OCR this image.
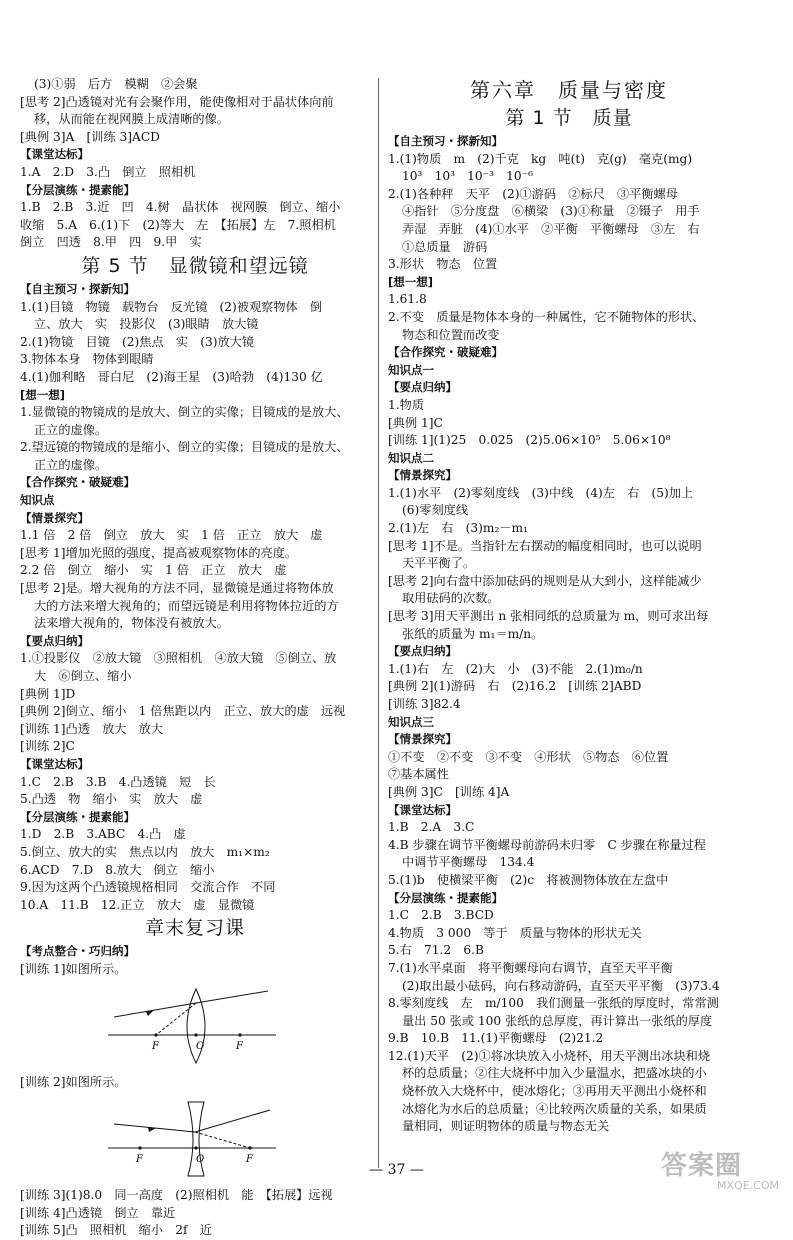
(3)①弱　后方　模糊　②会聚
[思考 2]凸透镜对光有会聚作用，能使像相对于晶状体向前
移，从而能在视网膜上成清晰的像。
[典例 3]A　[训练 3]ACD
【课堂达标】
1.A　2.D　3.凸　倒立　照相机
【分层演练・提素能】
1.B　2.B　3.近　凹　4.树　晶状体　视网膜　倒立、缩小
收缩　5.A　6.(1)下　(2)等大　左　【拓展】左　7.照相机
倒立　凹透　8.甲　四　9.甲　实
第 5 节　显微镜和望远镜
【自主预习・探新知】
1.(1)目镜　物镜　载物台　反光镜　(2)被观察物体　倒
立、放大　实　投影仪　(3)眼睛　放大镜
2.(1)物镜　目镜　(2)焦点　实　(3)放大镜
3.物体本身　物体到眼睛
4.(1)伽利略　哥白尼　(2)海王星　(3)哈勃　(4)130 亿
[想一想]
1.显微镜的物镜成的是放大、倒立的实像；目镜成的是放大、
正立的虚像。
2.望远镜的物镜成的是缩小、倒立的实像；目镜成的是放大、
正立的虚像。
【合作探究・破疑难】
知识点
【情景探究】
1.1 倍　2 倍　倒立　放大　实　1 倍　正立　放大　虚
[思考 1]增加光照的强度，提高被观察物体的亮度。
2.2 倍　倒立　缩小　实　1 倍　正立　放大　虚
[思考 2]是。增大视角的方法不同，显微镜是通过将物体放
大的方法来增大视角的；而望远镜是利用将物体拉近的方
法来增大视角的，物体没有被放大。
【要点归纳】
1.①投影仪　②放大镜　③照相机　④放大镜　⑤倒立、放
大　⑥倒立、缩小
[典例 1]D
[典例 2]倒立、缩小　1 倍焦距以内　正立、放大的虚　远视
[训练 1]凸透　放大　放大
[训练 2]C
【课堂达标】
1.C　2.B　3.B　4.凸透镜　短　长
5.凸透　物　缩小　实　放大　虚
【分层演练・提素能】
1.D　2.B　3.ABC　4.凸　虚
5.倒立、放大的实　焦点以内　放大　m₁×m₂
6.ACD　7.D　8.放大　倒立　缩小
9.因为这两个凸透镜规格相同　交流合作　不同
10.A　11.B　12.正立　放大　虚　显微镜
章末复习课
【考点整合・巧归纳】
[训练 1]如图所示。
F	O	F
[训练 2]如图所示。
F	O	F
[训练 3](1)8.0　同一高度　(2)照相机　能　【拓展】远视
[训练 4]凸透镜　倒立　靠近
[训练 5]凸　照相机　缩小　2f　近
第六章　质量与密度
第 1 节　质量
【自主预习・探新知】
1.(1)物质　m　(2)千克　kg　吨(t)　克(g)　毫克(mg)
10³　10³　10⁻³　10⁻⁶
2.(1)各种秤　天平　(2)①游码　②标尺　③平衡螺母
④指针　⑤分度盘　⑥横梁　(3)①称量　②镊子　用手
弄湿　弄脏　(4)①水平　②平衡　平衡螺母　③左　右
①总质量　游码
3.形状　物态　位置
[想一想]
1.61.8
2.不变　质量是物体本身的一种属性，它不随物体的形状、
物态和位置而改变
【合作探究・破疑难】
知识点一
【要点归纳】
1.物质
[典例 1]C
[训练 1](1)25　0.025　(2)5.06×10⁵　5.06×10⁸
知识点二
【情景探究】
1.(1)水平　(2)零刻度线　(3)中线　(4)左　右　(5)加上
(6)零刻度线
2.(1)左　右　(3)m₂－m₁
[思考 1]不是。当指针左右摆动的幅度相同时，也可以说明
天平平衡了。
[思考 2]向右盘中添加砝码的规则是从大到小，这样能减少
取用砝码的次数。
[思考 3]用天平测出 n 张相同纸的总质量为 m，则可求出每
张纸的质量为 m₁＝m/n。
【要点归纳】
1.(1)右　左　(2)大　小　(3)不能　2.(1)m₀/n
[典例 2](1)游码　右　(2)16.2　[训练 2]ABD
[训练 3]82.4
知识点三
【情景探究】
①不变　②不变　③不变　④形状　⑤物态　⑥位置
⑦基本属性
[典例 3]C　[训练 4]A
【课堂达标】
1.B　2.A　3.C
4.B 步骤在调节平衡螺母前游码未归零　C 步骤在称量过程
中调节平衡螺母　134.4
5.(1)b　使横梁平衡　(2)c　将被测物体放在左盘中
【分层演练・提素能】
1.C　2.B　3.BCD
4.物质　3 000　等于　质量与物体的形状无关
5.右　71.2　6.B
7.(1)水平桌面　将平衡螺母向右调节，直至天平平衡
(2)取出最小砝码，向右移动游码，直至天平平衡　(3)73.4
8.零刻度线　左　m/100　我们测量一张纸的厚度时，常常测
量出 50 张或 100 张纸的总厚度，再计算出一张纸的厚度
9.B　10.B　11.(1)平衡螺母　(2)21.2
12.(1)天平　(2)①将冰块放入小烧杯，用天平测出冰块和烧
杯的总质量；②往大烧杯中加入少量温水，把盛冰块的小
烧杯放入大烧杯中，使冰熔化；③再用天平测出小烧杯和
冰熔化为水后的总质量；④比较两次质量的关系，如果质
量相同，则证明物体的质量与物态无关
— 37 —	答案圈
MXQE.COM
